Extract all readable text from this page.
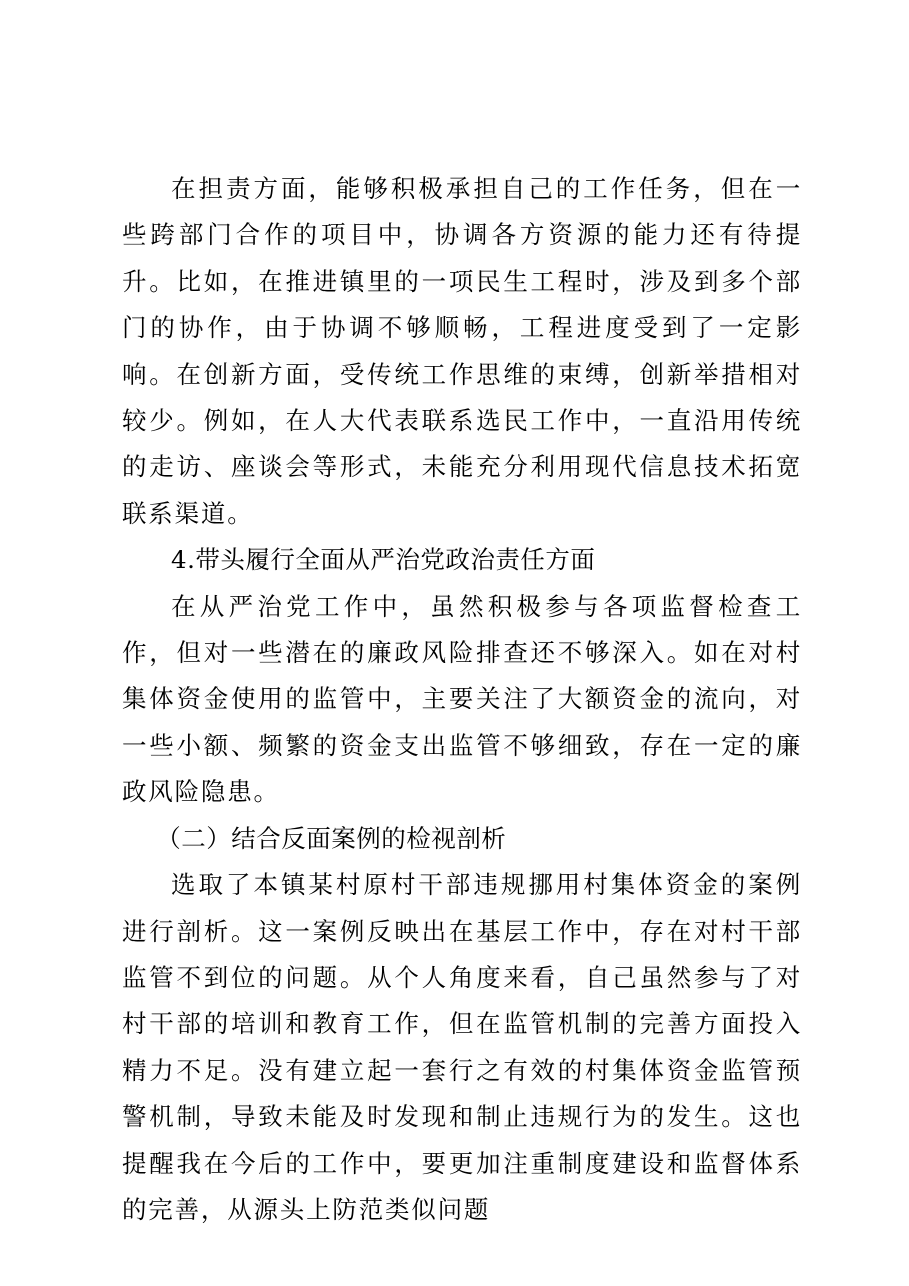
在担责方面，能够积极承担自己的工作任务，但在一些跨部门合作的项目中，协调各方资源的能力还有待提升。比如，在推进镇里的一项民生工程时，涉及到多个部门的协作，由于协调不够顺畅，工程进度受到了一定影响。在创新方面，受传统工作思维的束缚，创新举措相对较少。例如，在人大代表联系选民工作中，一直沿用传统的走访、座谈会等形式，未能充分利用现代信息技术拓宽联系渠道。

4.带头履行全面从严治党政治责任方面

在从严治党工作中，虽然积极参与各项监督检查工作，但对一些潜在的廉政风险排查还不够深入。如在对村集体资金使用的监管中，主要关注了大额资金的流向，对一些小额、频繁的资金支出监管不够细致，存在一定的廉政风险隐患。

（二）结合反面案例的检视剖析

选取了本镇某村原村干部违规挪用村集体资金的案例进行剖析。这一案例反映出在基层工作中，存在对村干部监管不到位的问题。从个人角度来看，自己虽然参与了对村干部的培训和教育工作，但在监管机制的完善方面投入精力不足。没有建立起一套行之有效的村集体资金监管预警机制，导致未能及时发现和制止违规行为的发生。这也提醒我在今后的工作中，要更加注重制度建设和监督体系的完善，从源头上防范类似问题
